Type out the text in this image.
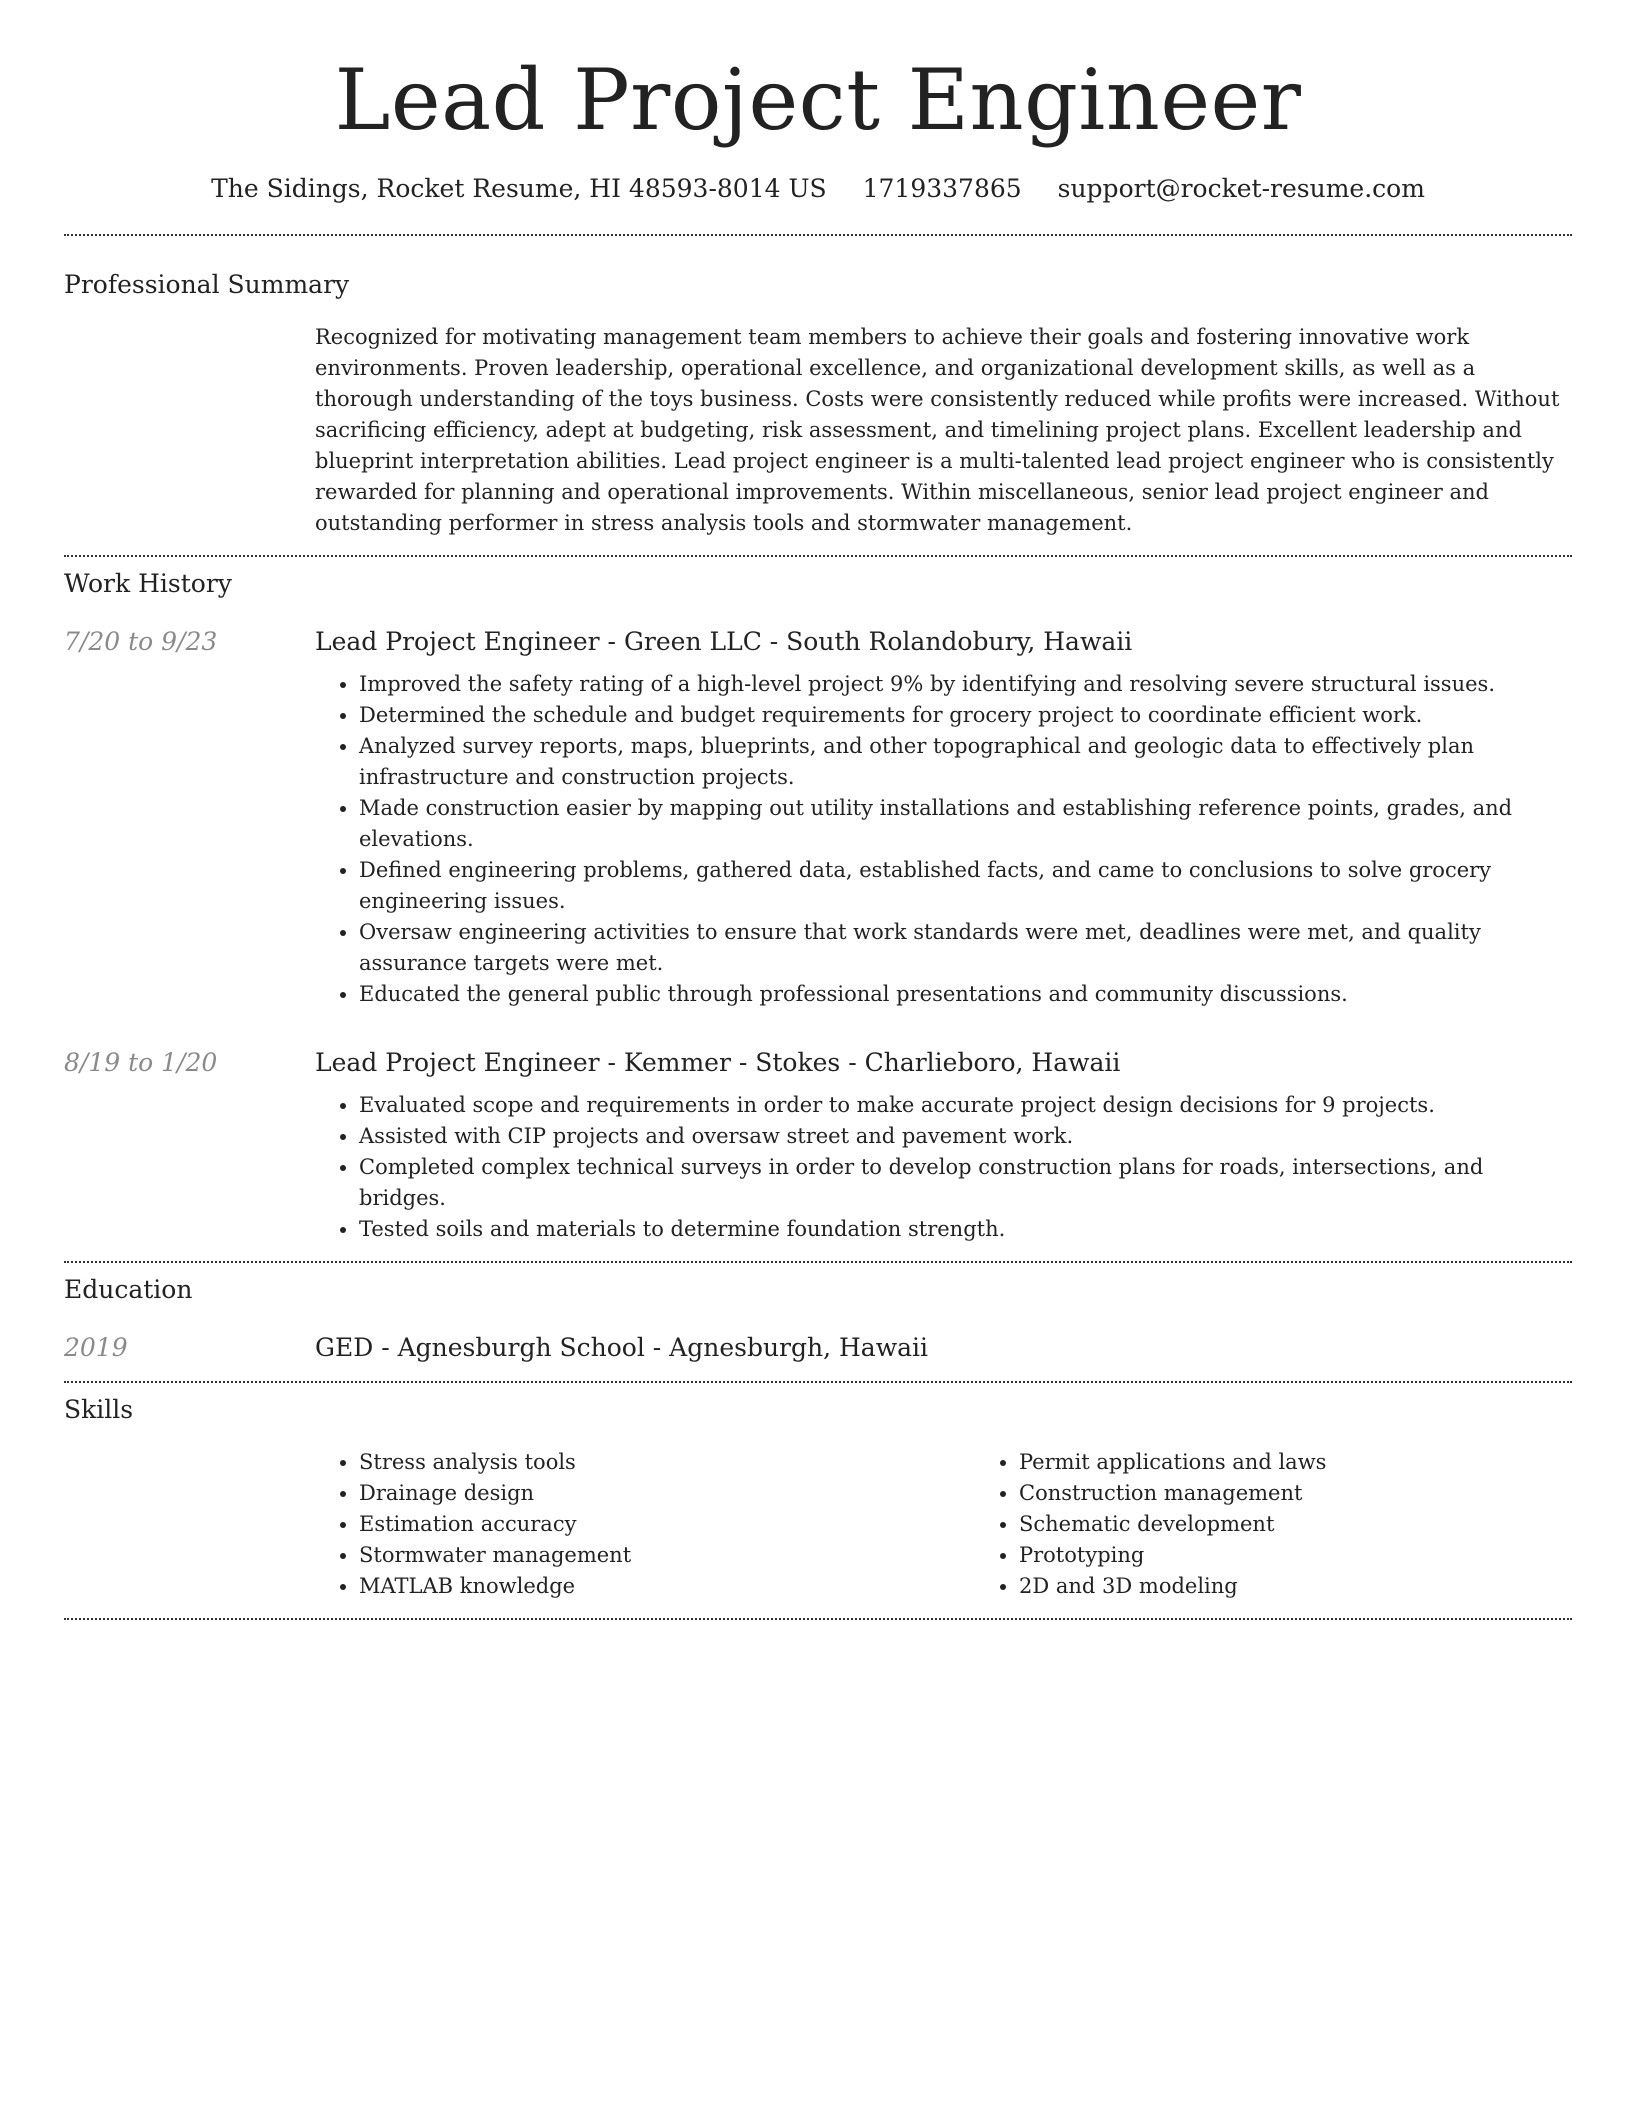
Lead Project Engineer
The Sidings, Rocket Resume, HI 48593-8014 US 1719337865 support@rocket-resume.com
Professional Summary

Recognized for motivating management team members to achieve their goals and fostering innovative work environments. Proven leadership, operational excellence, and organizational development skills, as well as a thorough understanding of the toys business. Costs were consistently reduced while profits were increased. Without sacrificing efficiency, adept at budgeting, risk assessment, and timelining project plans. Excellent leadership and blueprint interpretation abilities. Lead project engineer is a multi-talented lead project engineer who is consistently rewarded for planning and operational improvements. Within miscellaneous, senior lead project engineer and outstanding performer in stress analysis tools and stormwater management.

Work History
7/20 to 9/23	Lead Project Engineer - Green LLC - South Rolandobury, Hawaii

• Improved the safety rating of a high-level project 9% by identifying and resolving severe structural issues.
• Determined the schedule and budget requirements for grocery project to coordinate efficient work.
• Analyzed survey reports, maps, blueprints, and other topographical and geologic data to effectively plan infrastructure and construction projects.
• Made construction easier by mapping out utility installations and establishing reference points, grades, and elevations.
• Defined engineering problems, gathered data, established facts, and came to conclusions to solve grocery engineering issues.
• Oversaw engineering activities to ensure that work standards were met, deadlines were met, and quality assurance targets were met.
• Educated the general public through professional presentations and community discussions.
8/19 to 1/20	Lead Project Engineer - Kemmer - Stokes - Charlieboro, Hawaii

• Evaluated scope and requirements in order to make accurate project design decisions for 9 projects.
• Assisted with CIP projects and oversaw street and pavement work.
• Completed complex technical surveys in order to develop construction plans for roads, intersections, and bridges.
• Tested soils and materials to determine foundation strength.
Education
2019	GED - Agnesburgh School - Agnesburgh, Hawaii

Skills
• Stress analysis tools
• Drainage design
• Estimation accuracy
• Stormwater management
• MATLAB knowledge
• Permit applications and laws
• Construction management
• Schematic development
• Prototyping
• 2D and 3D modeling
